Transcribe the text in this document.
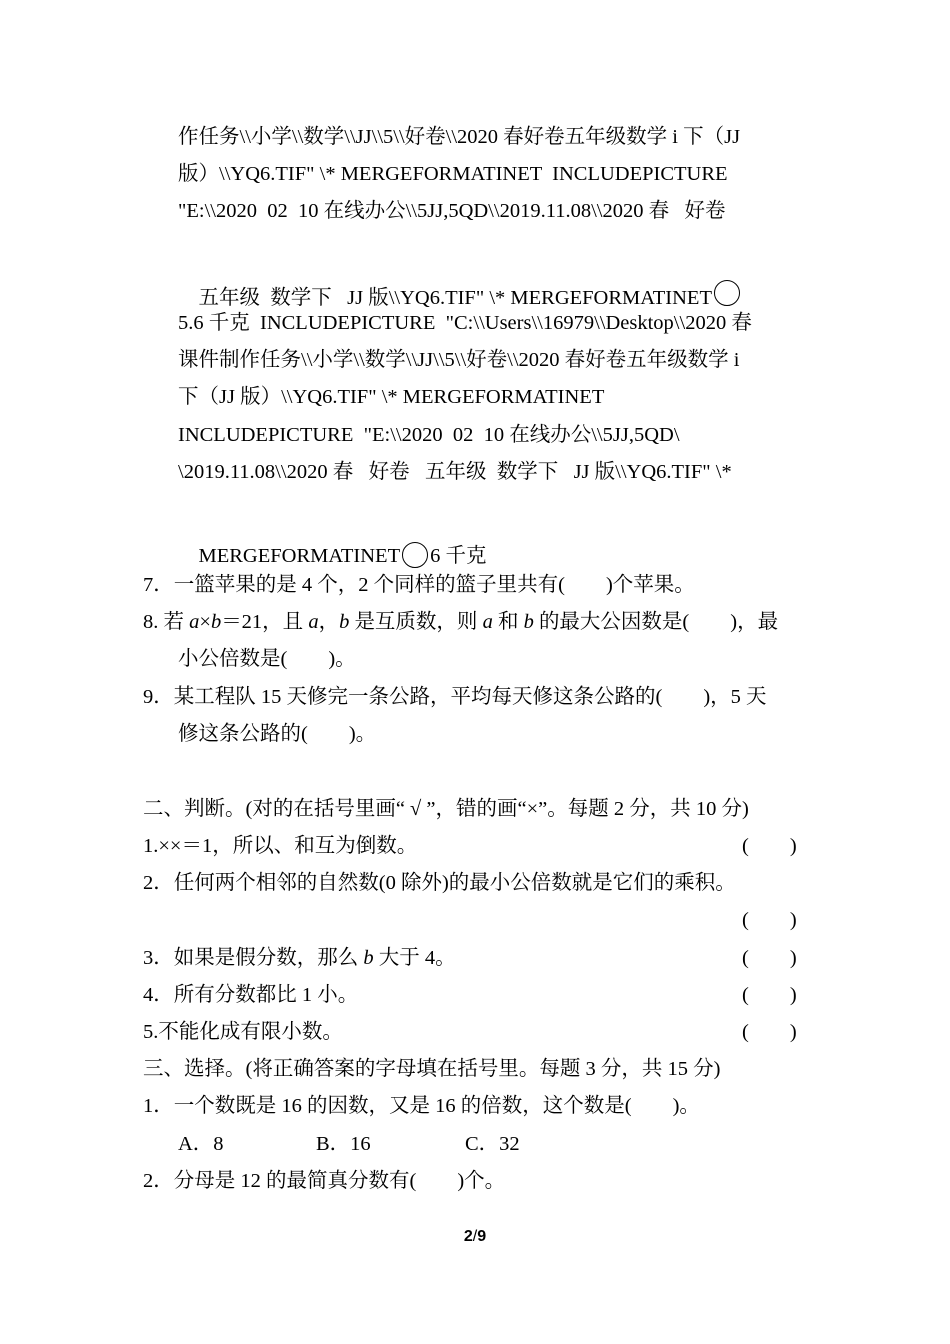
作任务\\小学\\数学\\JJ\\5\\好卷\\2020 春好卷五年级数学 i 下（JJ
版）\\YQ6.TIF" \* MERGEFORMATINET  INCLUDEPICTURE
"E:\\2020  02  10 在线办公\\5JJ,5QD\\2019.11.08\\2020 春   好卷

五年级  数学下   JJ 版\\YQ6.TIF" \* MERGEFORMATINET

5.6 千克  INCLUDEPICTURE  "C:\\Users\\16979\\Desktop\\2020 春
课件制作任务\\小学\\数学\\JJ\\5\\好卷\\2020 春好卷五年级数学 i
下（JJ 版）\\YQ6.TIF" \* MERGEFORMATINET
INCLUDEPICTURE  "E:\\2020  02  10 在线办公\\5JJ,5QD\
\2019.11.08\\2020 春   好卷   五年级  数学下   JJ 版\\YQ6.TIF" \*

MERGEFORMATINET 6 千克

7．一篮苹果的是 4 个，2 个同样的篮子里共有(        )个苹果。
8. 若 a×b＝21，且 a，b 是互质数，则 a 和 b 的最大公因数是(        )，最
小公倍数是(        )。
9．某工程队 15 天修完一条公路，平均每天修这条公路的(        )，5 天
修这条公路的(        )。
二、判断。(对的在括号里画“ √ ”，错的画“×”。每题 2 分，共 10 分)
1.××＝1，所以、和互为倒数。	(        )
2．任何两个相邻的自然数(0 除外)的最小公倍数就是它们的乘积。
(        )
3．如果是假分数，那么 b 大于 4。	(        )
4．所有分数都比 1 小。	(        )
5.不能化成有限小数。	(        )
三、选择。(将正确答案的字母填在括号里。每题 3 分，共 15 分)
1．一个数既是 16 的因数，又是 16 的倍数，这个数是(        )。
A．8	B．16	C．32
2．分母是 12 的最简真分数有(        )个。
2/9
